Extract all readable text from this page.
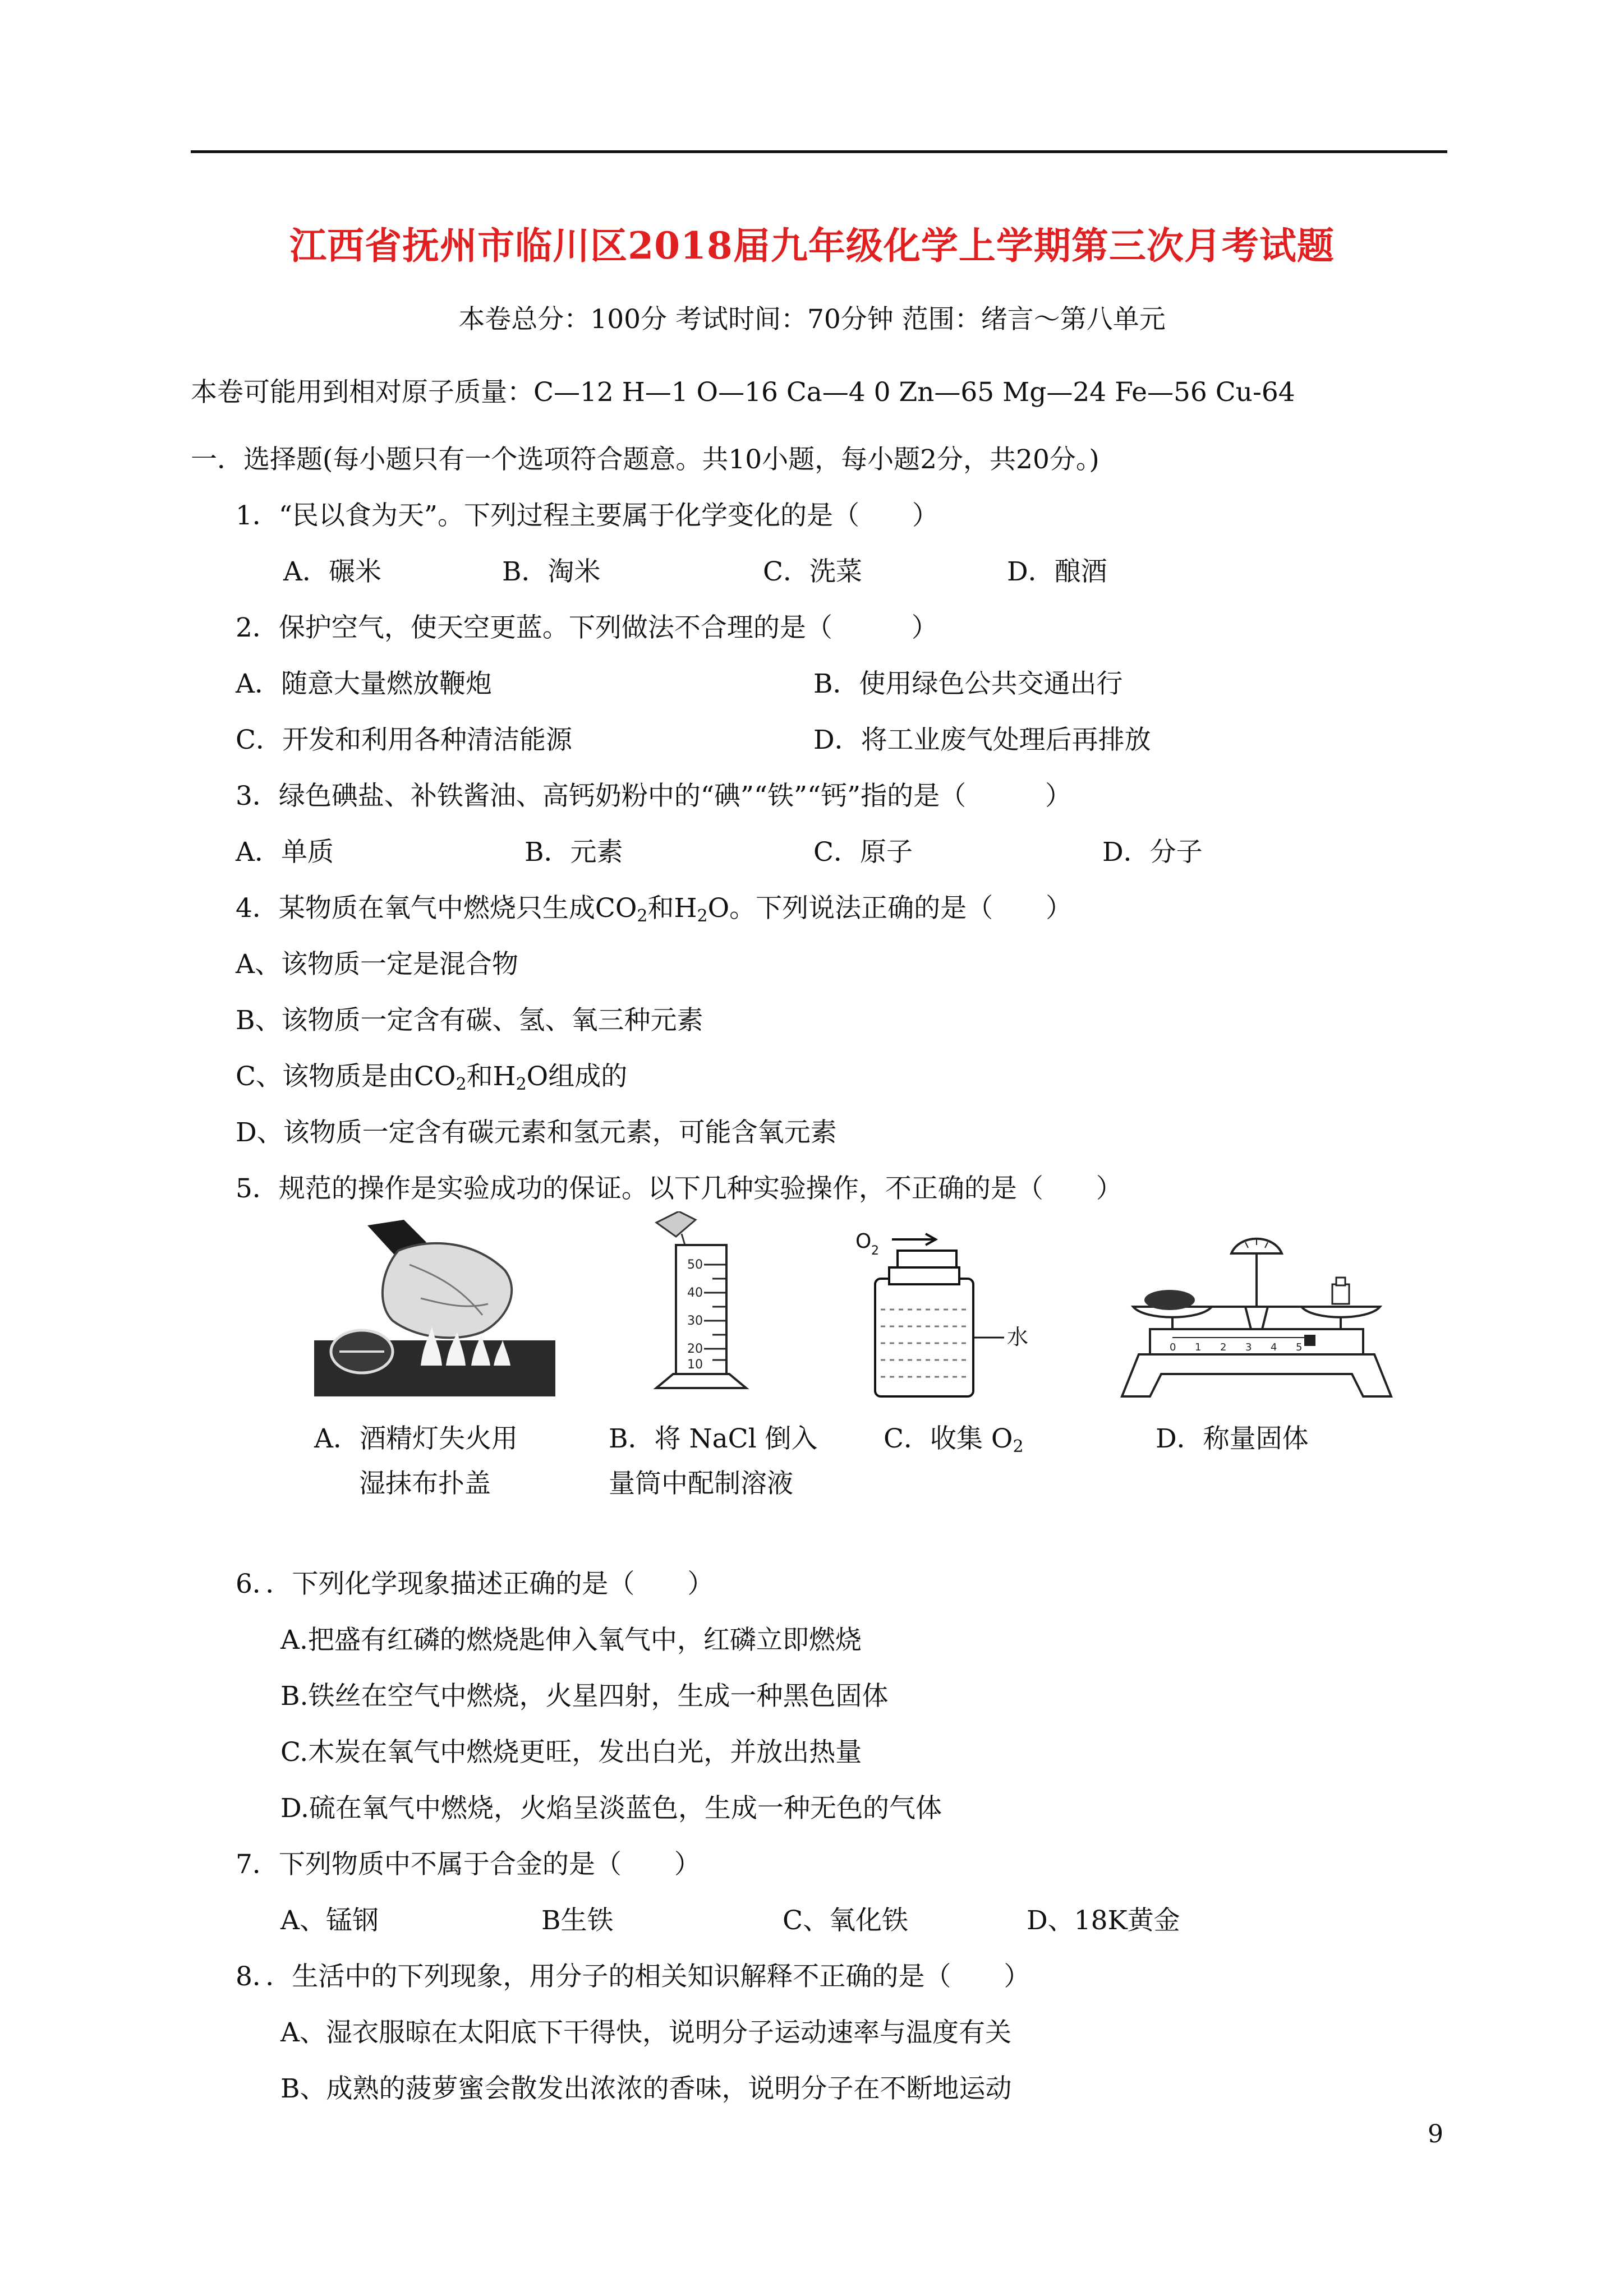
江西省抚州市临川区2018届九年级化学上学期第三次月考试题
本卷总分：100分 考试时间：70分钟 范围：绪言～第八单元
本卷可能用到相对原子质量：C—12 H—1 O—16 Ca—4 0 Zn—65 Mg—24 Fe—56 Cu-64
一．选择题(每小题只有一个选项符合题意。共10小题，每小题2分，共20分。)
1．“民以食为天”。下列过程主要属于化学变化的是（　　）
A．碾米	B．淘米	C．洗菜	D．酿酒
2．保护空气，使天空更蓝。下列做法不合理的是（　　　）
A．随意大量燃放鞭炮	B．使用绿色公共交通出行
C．开发和利用各种清洁能源	D．将工业废气处理后再排放
3．绿色碘盐、补铁酱油、高钙奶粉中的“碘”“铁”“钙”指的是（　　　）
A．单质	B．元素	C．原子	D．分子
4．某物质在氧气中燃烧只生成$CO_2$和$H_2O$。下列说法正确的是（　　）
A、该物质一定是混合物
B、该物质一定含有碳、氢、氧三种元素
C、该物质是由$CO_2$和$H_2O$组成的
D、该物质一定含有碳元素和氢元素，可能含氧元素
5．规范的操作是实验成功的保证。以下几种实验操作，不正确的是（　　）
50
40
30
20
10
O 2
水	0 1 2 3 4 5
A．酒精灯失火用
湿抹布扑盖
B．将 NaCl 倒入
量筒中配制溶液
C．收集 $O_2$	D．称量固体
6．．下列化学现象描述正确的是（　　）
A.把盛有红磷的燃烧匙伸入氧气中，红磷立即燃烧
B.铁丝在空气中燃烧，火星四射，生成一种黑色固体
C.木炭在氧气中燃烧更旺，发出白光，并放出热量
D.硫在氧气中燃烧，火焰呈淡蓝色，生成一种无色的气体
7．下列物质中不属于合金的是（　　）
A、锰钢	B生铁	C、氧化铁	D、18K黄金
8．．生活中的下列现象，用分子的相关知识解释不正确的是（　　）
A、湿衣服晾在太阳底下干得快，说明分子运动速率与温度有关
B、成熟的菠萝蜜会散发出浓浓的香味，说明分子在不断地运动
9
